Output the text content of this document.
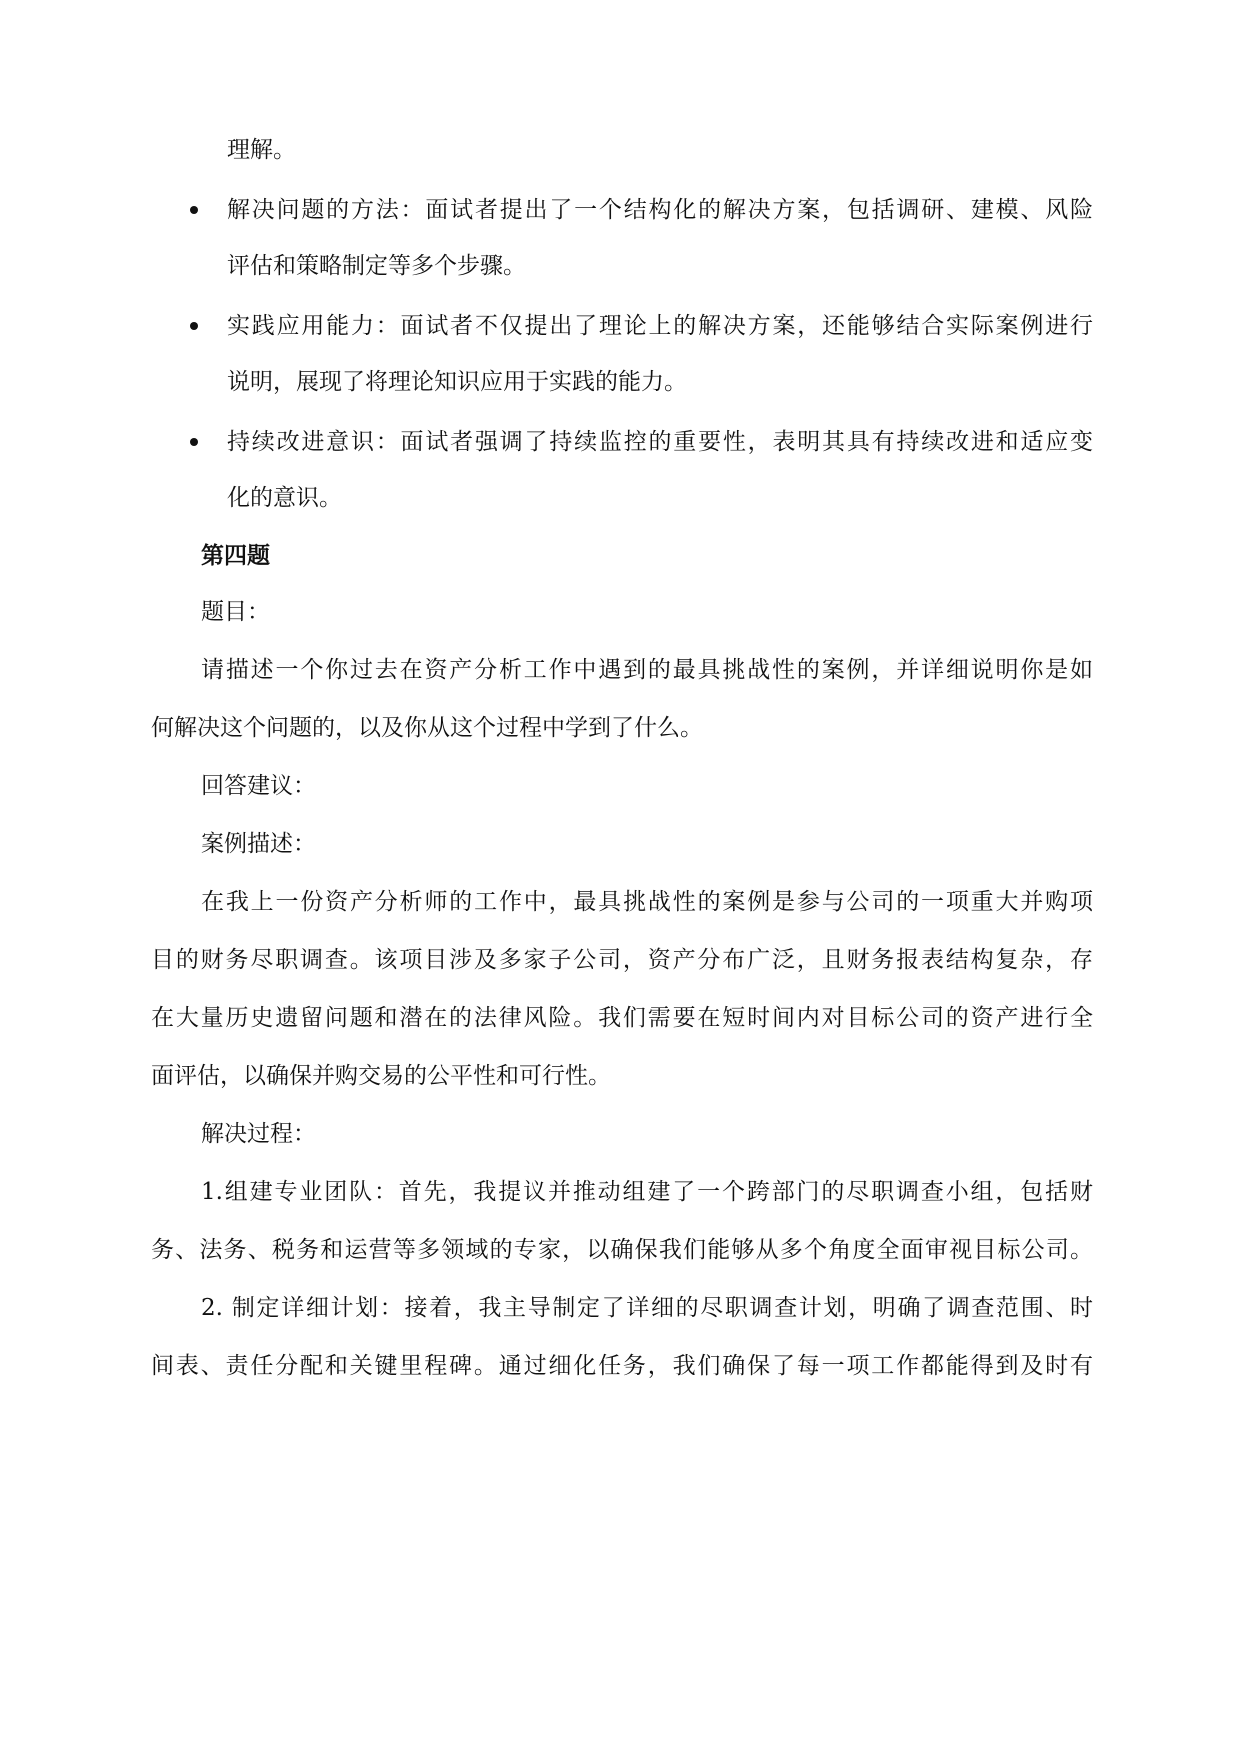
理解。
解决问题的方法：面试者提出了一个结构化的解决方案，包括调研、建模、风险
评估和策略制定等多个步骤。
实践应用能力：面试者不仅提出了理论上的解决方案，还能够结合实际案例进行
说明，展现了将理论知识应用于实践的能力。
持续改进意识：面试者强调了持续监控的重要性，表明其具有持续改进和适应变
化的意识。
第四题
题目：
请描述一个你过去在资产分析工作中遇到的最具挑战性的案例，并详细说明你是如
何解决这个问题的，以及你从这个过程中学到了什么。
回答建议：
案例描述：
在我上一份资产分析师的工作中，最具挑战性的案例是参与公司的一项重大并购项
目的财务尽职调查。该项目涉及多家子公司，资产分布广泛，且财务报表结构复杂，存
在大量历史遗留问题和潜在的法律风险。我们需要在短时间内对目标公司的资产进行全
面评估，以确保并购交易的公平性和可行性。
解决过程：
1.组建专业团队：首先，我提议并推动组建了一个跨部门的尽职调查小组，包括财
务、法务、税务和运营等多领域的专家，以确保我们能够从多个角度全面审视目标公司。
2. 制定详细计划：接着，我主导制定了详细的尽职调查计划，明确了调查范围、时
间表、责任分配和关键里程碑。通过细化任务，我们确保了每一项工作都能得到及时有
